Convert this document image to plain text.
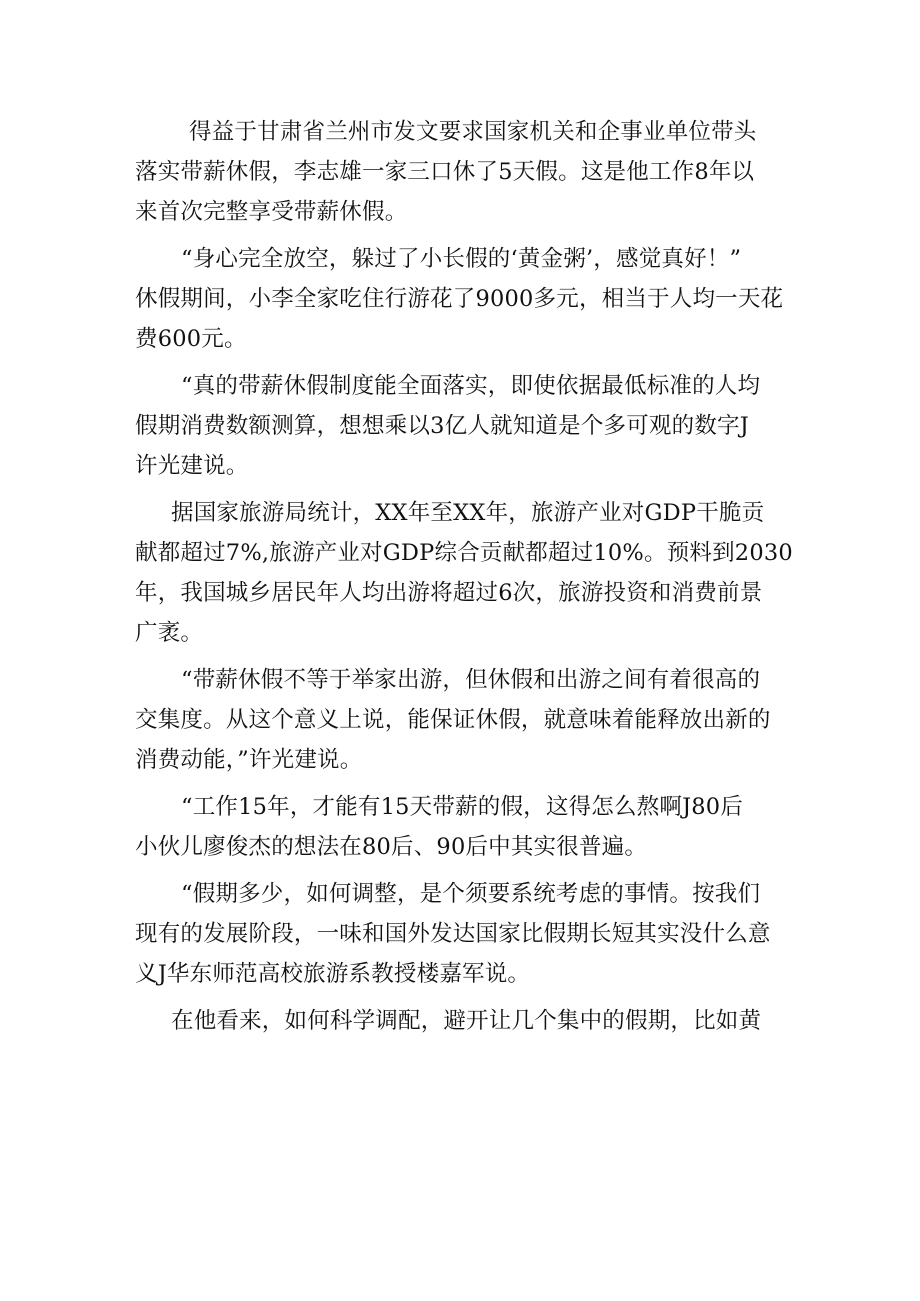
得益于甘肃省兰州市发文要求国家机关和企事业单位带头
落实带薪休假，李志雄一家三口休了5天假。这是他工作8年以
来首次完整享受带薪休假。

“身心完全放空，躲过了小长假的‘黄金粥’，感觉真好！”
休假期间，小李全家吃住行游花了9000多元，相当于人均一天花
费600元。

“真的带薪休假制度能全面落实，即使依据最低标准的人均
假期消费数额测算，想想乘以3亿人就知道是个多可观的数字J
许光建说。

据国家旅游局统计，XX年至XX年，旅游产业对GDP干脆贡
献都超过7%,旅游产业对GDP综合贡献都超过10%。预料到2030
年，我国城乡居民年人均出游将超过6次，旅游投资和消费前景
广袤。

“带薪休假不等于举家出游，但休假和出游之间有着很高的
交集度。从这个意义上说，能保证休假，就意味着能释放出新的
消费动能，”许光建说。

“工作15年，才能有15天带薪的假，这得怎么熬啊J80后
小伙儿廖俊杰的想法在80后、90后中其实很普遍。

“假期多少，如何调整，是个须要系统考虑的事情。按我们
现有的发展阶段，一味和国外发达国家比假期长短其实没什么意
义J华东师范高校旅游系教授楼嘉军说。

在他看来，如何科学调配，避开让几个集中的假期，比如黄
